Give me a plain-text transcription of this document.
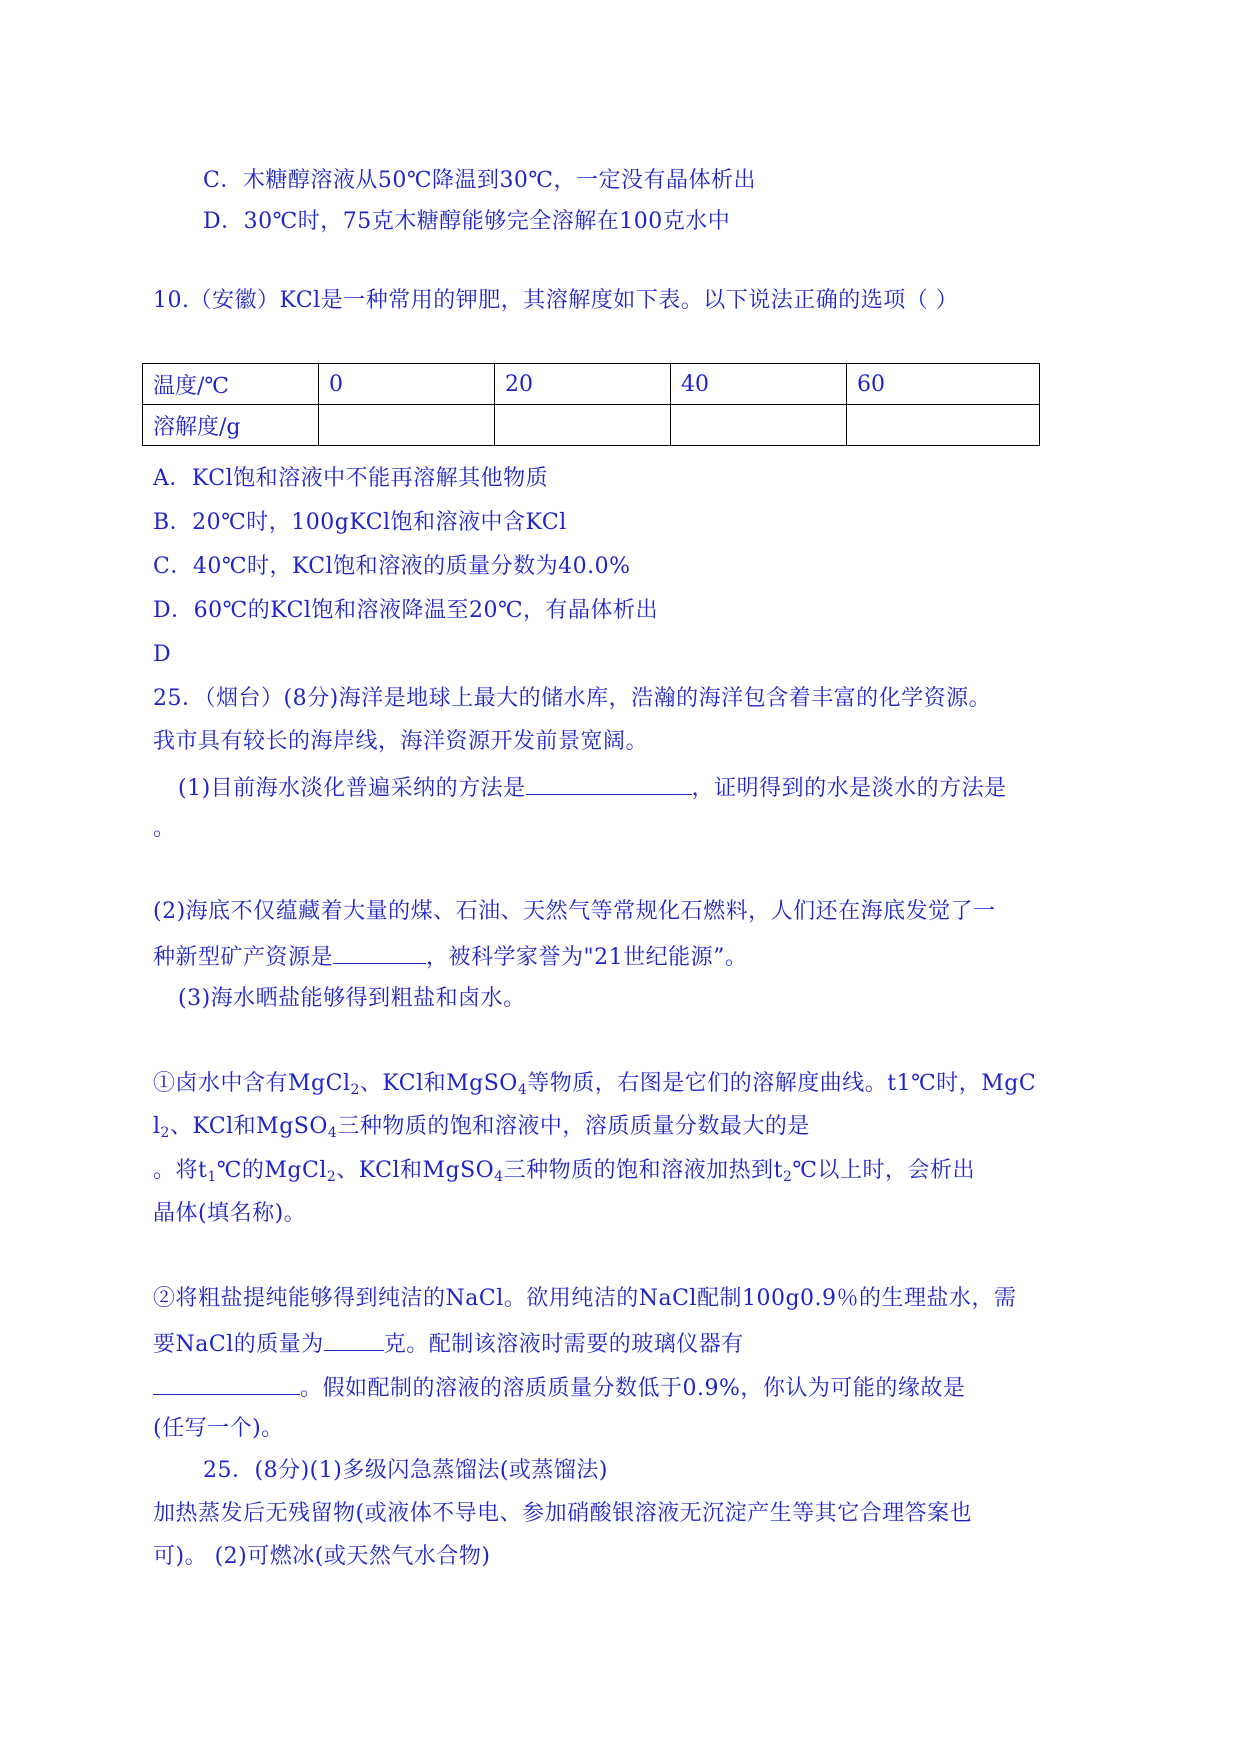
C．木糖醇溶液从50℃降温到30℃，一定没有晶体析出
D．30℃时，75克木糖醇能够完全溶解在100克水中
10.（安徽）KCl是一种常用的钾肥，其溶解度如下表。以下说法正确的选项（ ）
温度/℃	0	20	40	60
溶解度/g				
A．KCl饱和溶液中不能再溶解其他物质
B．20℃时，100gKCl饱和溶液中含KCl
C．40℃时，KCl饱和溶液的质量分数为40.0%
D．60℃的KCl饱和溶液降温至20℃，有晶体析出
D
25．（烟台）(8分)海洋是地球上最大的储水库，浩瀚的海洋包含着丰富的化学资源。
我市具有较长的海岸线，海洋资源开发前景宽阔。
(1)目前海水淡化普遍采纳的方法是	，证明得到的水是淡水的方法是
。
(2)海底不仅蕴藏着大量的煤、石油、天然气等常规化石燃料，人们还在海底发觉了一
种新型矿产资源是	，被科学家誉为"21世纪能源”。
(3)海水晒盐能够得到粗盐和卤水。
①卤水中含有MgCl$_2$、KCl和MgSO$_4$等物质，右图是它们的溶解度曲线。t1℃时，MgC
$l_2$、KCl和MgSO$_4$三种物质的饱和溶液中，溶质质量分数最大的是
。将$t_1℃$的MgCl$_2$、KCl和MgSO$_4$三种物质的饱和溶液加热到$t_2℃$以上时，会析出
晶体(填名称)。
②将粗盐提纯能够得到纯洁的NaCl。欲用纯洁的NaCl配制100g0.9％的生理盐水，需
要NaCl的质量为	克。配制该溶液时需要的玻璃仪器有
。假如配制的溶液的溶质质量分数低于0.9%，你认为可能的缘故是
(任写一个)。
25．(8分)(1)多级闪急蒸馏法(或蒸馏法)
加热蒸发后无残留物(或液体不导电、参加硝酸银溶液无沉淀产生等其它合理答案也
可)。 (2)可燃冰(或天然气水合物)
